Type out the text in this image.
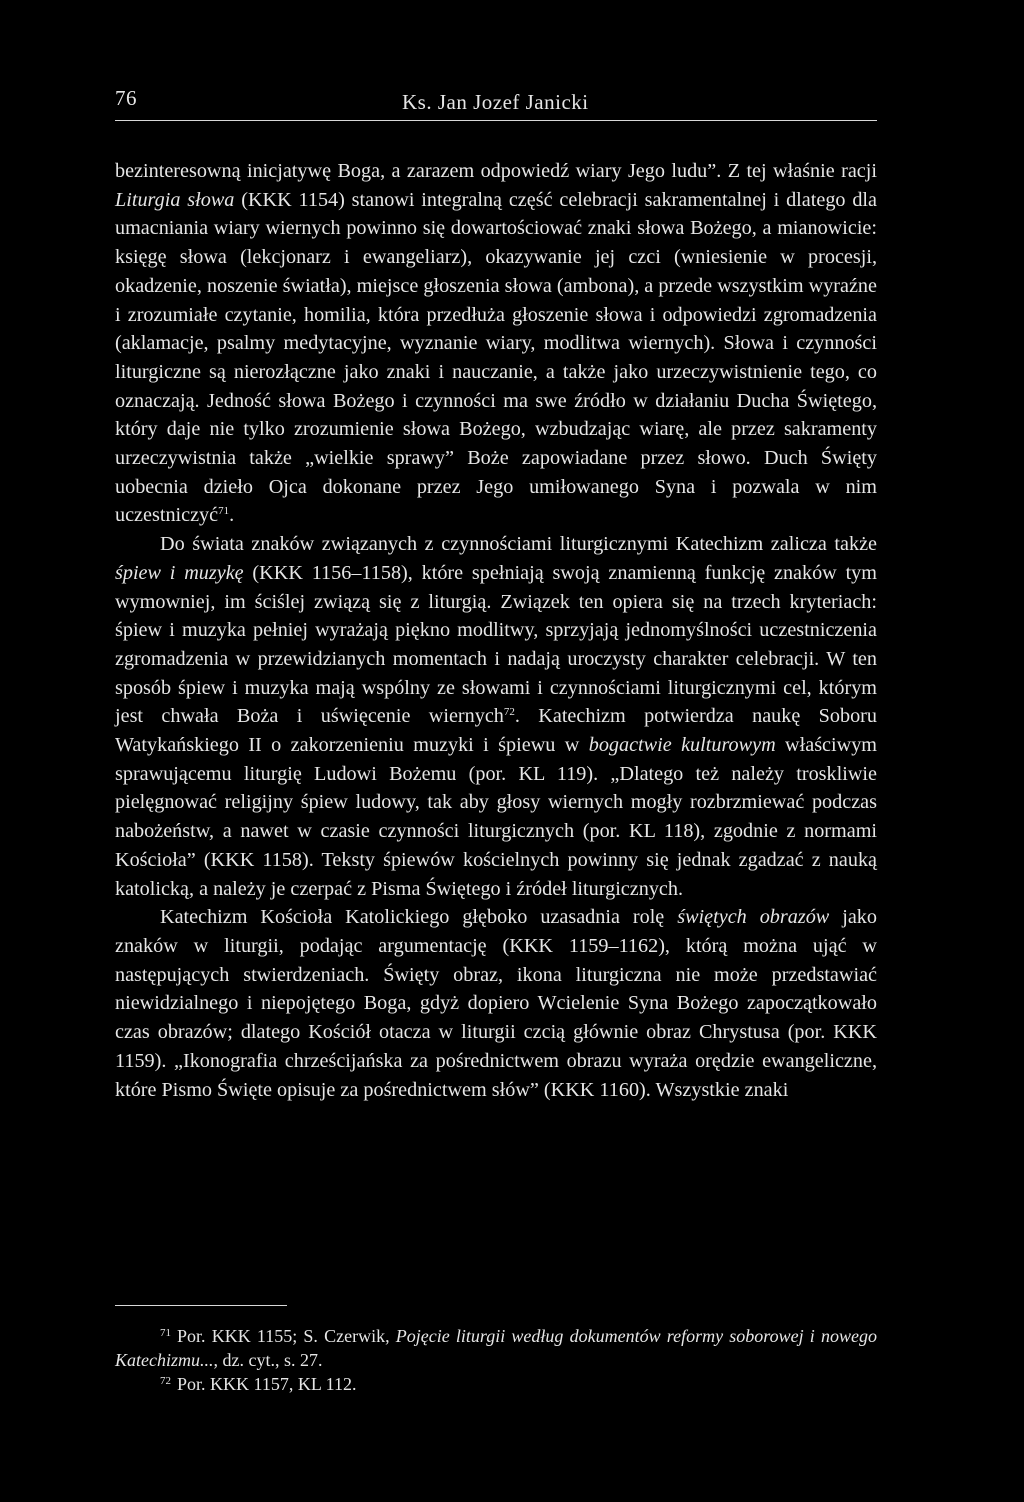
76	Ks. Jan Jozef Janicki

bezinteresowną inicjatywę Boga, a zarazem odpowiedź wiary Jego ludu”. Z tej właśnie racji Liturgia słowa (KKK 1154) stanowi integralną część celebracji sakramentalnej i dlatego dla umacniania wiary wiernych powinno się dowartościować znaki słowa Bożego, a mianowicie: księgę słowa (lekcjonarz i ewangeliarz), okazywanie jej czci (wniesienie w procesji, okadzenie, noszenie światła), miejsce głoszenia słowa (ambona), a przede wszystkim wyraźne i zrozumiałe czytanie, homilia, która przedłuża głoszenie słowa i odpowiedzi zgromadzenia (aklamacje, psalmy medytacyjne, wyznanie wiary, modlitwa wiernych). Słowa i czynności liturgiczne są nierozłączne jako znaki i nauczanie, a także jako urzeczywistnienie tego, co oznaczają. Jedność słowa Bożego i czynności ma swe źródło w działaniu Ducha Świętego, który daje nie tylko zrozumienie słowa Bożego, wzbudzając wiarę, ale przez sakramenty urzeczywistnia także „wielkie sprawy” Boże zapowiadane przez słowo. Duch Święty uobecnia dzieło Ojca dokonane przez Jego umiłowanego Syna i pozwala w nim uczestniczyć$^{71}$.

Do świata znaków związanych z czynnościami liturgicznymi Katechizm zalicza także śpiew i muzykę (KKK 1156–1158), które spełniają swoją znamienną funkcję znaków tym wymowniej, im ściślej związą się z liturgią. Związek ten opiera się na trzech kryteriach: śpiew i muzyka pełniej wyrażają piękno modlitwy, sprzyjają jednomyślności uczestniczenia zgromadzenia w przewidzianych momentach i nadają uroczysty charakter celebracji. W ten sposób śpiew i muzyka mają wspólny ze słowami i czynnościami liturgicznymi cel, którym jest chwała Boża i uświęcenie wiernych$^{72}$. Katechizm potwierdza naukę Soboru Watykańskiego II o zakorzenieniu muzyki i śpiewu w bogactwie kulturowym właściwym sprawującemu liturgię Ludowi Bożemu (por. KL 119). „Dlatego też należy troskliwie pielęgnować religijny śpiew ludowy, tak aby głosy wiernych mogły rozbrzmiewać podczas nabożeństw, a nawet w czasie czynności liturgicznych (por. KL 118), zgodnie z normami Kościoła” (KKK 1158). Teksty śpiewów kościelnych powinny się jednak zgadzać z nauką katolicką, a należy je czerpać z Pisma Świętego i źródeł liturgicznych.

Katechizm Kościoła Katolickiego głęboko uzasadnia rolę świętych obrazów jako znaków w liturgii, podając argumentację (KKK 1159–1162), którą można ująć w następujących stwierdzeniach. Święty obraz, ikona liturgiczna nie może przedstawiać niewidzialnego i niepojętego Boga, gdyż dopiero Wcielenie Syna Bożego zapoczątkowało czas obrazów; dlatego Kościół otacza w liturgii czcią głównie obraz Chrystusa (por. KKK 1159). „Ikonografia chrześcijańska za pośrednictwem obrazu wyraża orędzie ewangeliczne, które Pismo Święte opisuje za pośrednictwem słów” (KKK 1160). Wszystkie znaki

$^{71}$ Por. KKK 1155; S. Czerwik, Pojęcie liturgii według dokumentów reformy soborowej i nowego Katechizmu..., dz. cyt., s. 27.

$^{72}$ Por. KKK 1157, KL 112.
